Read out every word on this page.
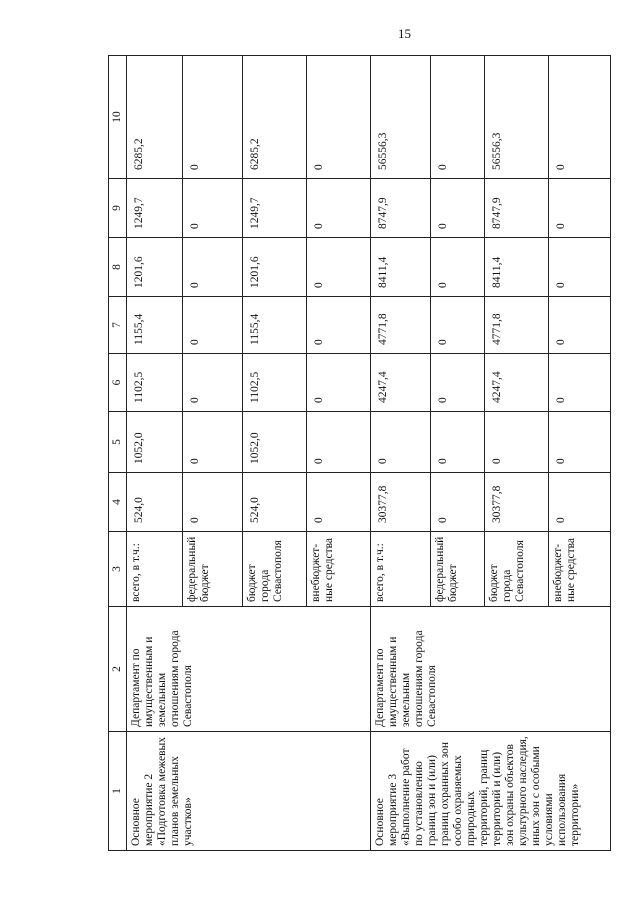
15
1	2	3	4	5	6	7	8	9	10
Основное мероприятие 2 «Подготовка межевых планов земельных участков»	Департамент по имущественным и земельным отношениям города Севастополя	всего, в т.ч.:	524,0	1052,0	1102,5	1155,4	1201,6	1249,7	6285,2
		федеральный бюджет	0	0	0	0	0	0	0
		бюджет города Севастополя	524,0	1052,0	1102,5	1155,4	1201,6	1249,7	6285,2
		внебюджет-ные средства	0	0	0	0	0	0	0
Основное мероприятие 3 «Выполнение работ по установлению границ зон и (или) границ охранных зон особо охраняемых природных территорий, границ территорий и (или) зон охраны объектов культурного наследия, иных зон с особыми условиями использования территории»	Департамент по имущественным и земельным отношениям города Севастополя	всего, в т.ч.:	30377,8	0	4247,4	4771,8	8411,4	8747,9	56556,3
		федеральный бюджет	0	0	0	0	0	0	0
		бюджет города Севастополя	30377,8	0	4247,4	4771,8	8411,4	8747,9	56556,3
		внебюджет-ные средства	0	0	0	0	0	0	0
